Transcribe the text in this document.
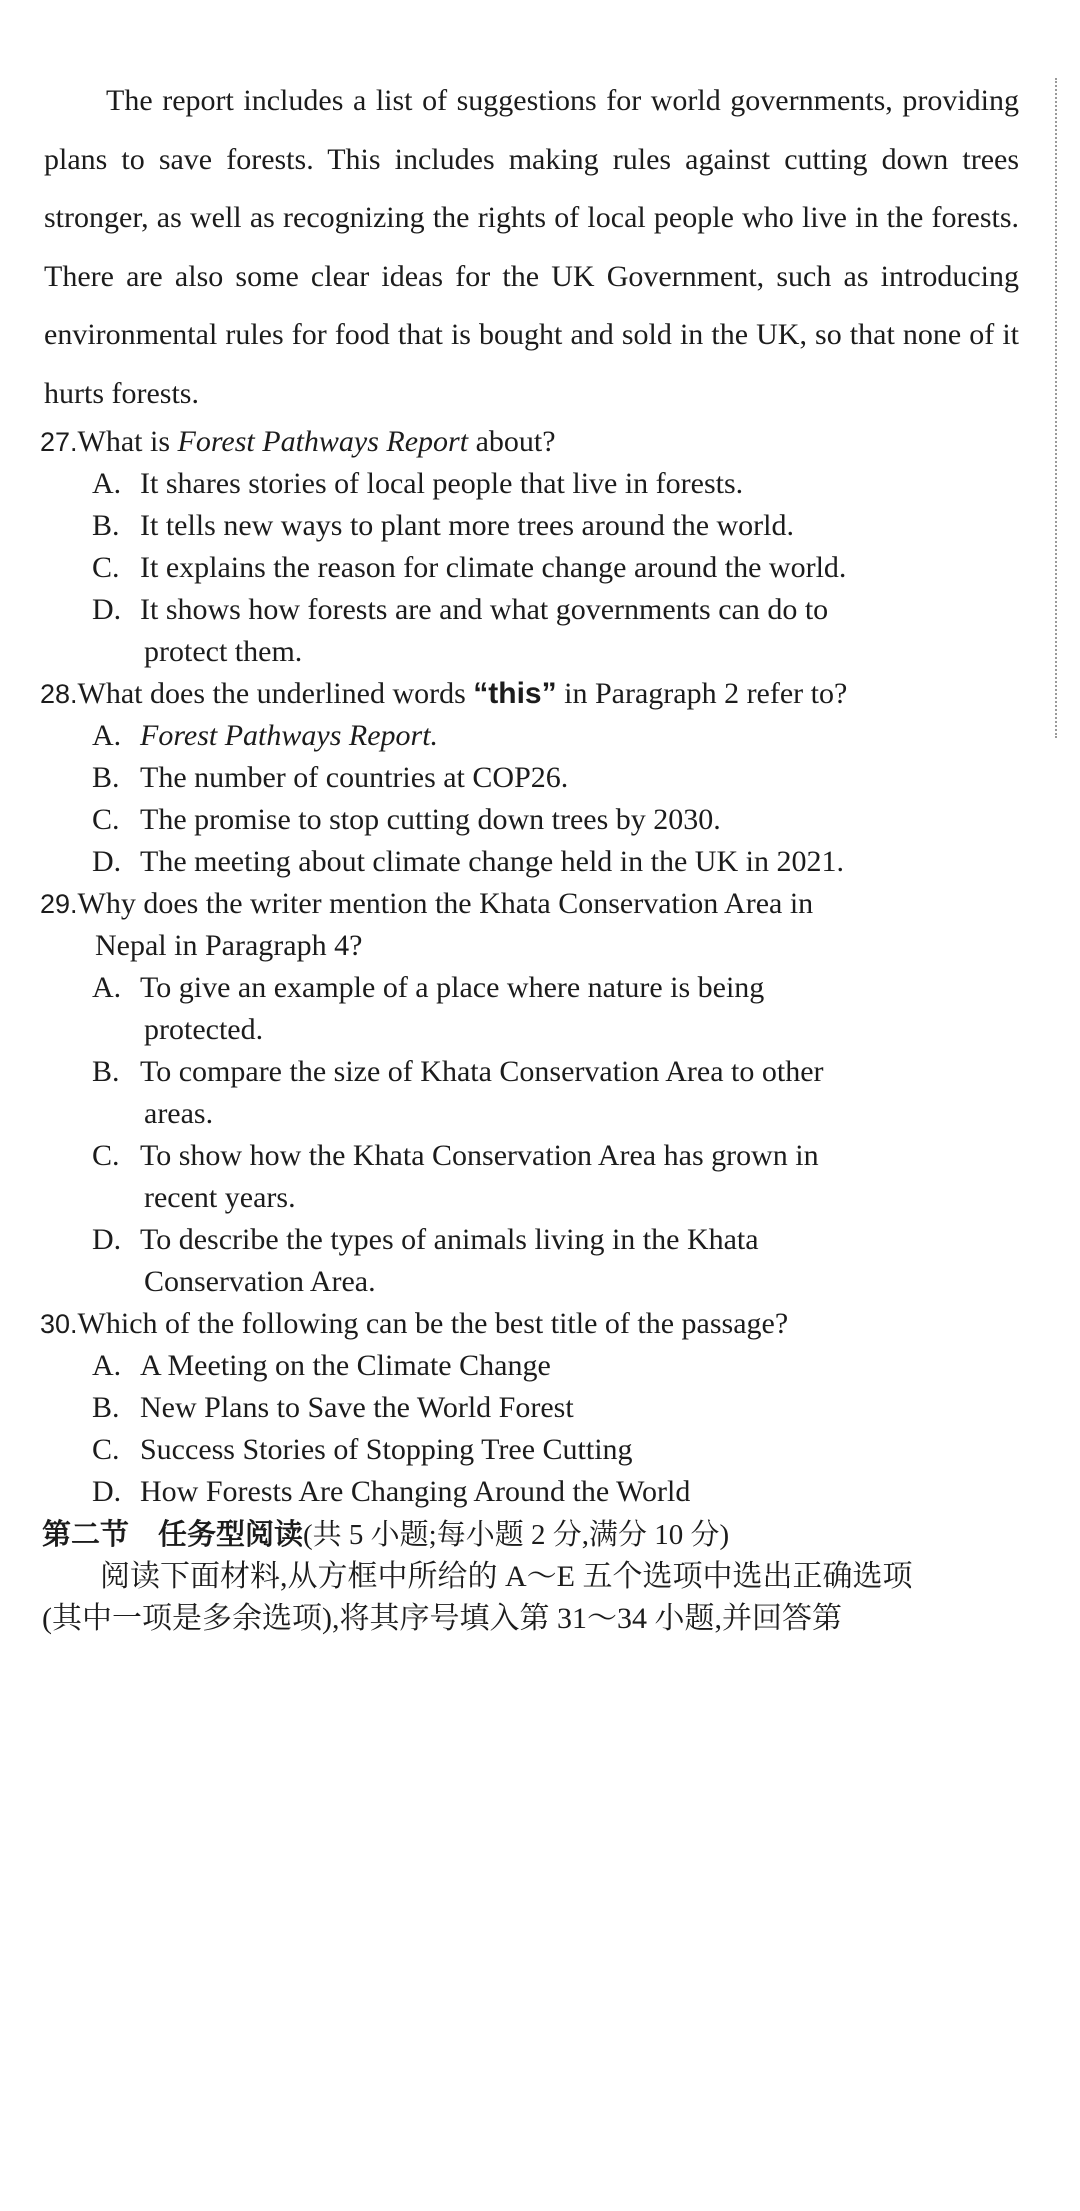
The report includes a list of suggestions for world governments, providing plans to save forests. This includes making rules against cutting down trees stronger, as well as recognizing the rights of local people who live in the forests. There are also some clear ideas for the UK Government, such as introducing environmental rules for food that is bought and sold in the UK, so that none of it hurts forests.

27.What is Forest Pathways Report about?
A. It shares stories of local people that live in forests.
B. It tells new ways to plant more trees around the world.
C. It explains the reason for climate change around the world.
D. It shows how forests are and what governments can do to
protect them.
28.What does the underlined words “this” in Paragraph 2 refer to?
A. Forest Pathways Report.
B. The number of countries at COP26.
C. The promise to stop cutting down trees by 2030.
D. The meeting about climate change held in the UK in 2021.
29.Why does the writer mention the Khata Conservation Area in
Nepal in Paragraph 4?
A. To give an example of a place where nature is being
protected.
B. To compare the size of Khata Conservation Area to other
areas.
C. To show how the Khata Conservation Area has grown in
recent years.
D. To describe the types of animals living in the Khata
Conservation Area.
30.Which of the following can be the best title of the passage?
A. A Meeting on the Climate Change
B. New Plans to Save the World Forest
C. Success Stories of Stopping Tree Cutting
D. How Forests Are Changing Around the World
第二节　任务型阅读(共 5 小题;每小题 2 分,满分 10 分)
阅读下面材料,从方框中所给的 A～E 五个选项中选出正确选项
(其中一项是多余选项),将其序号填入第 31～34 小题,并回答第
